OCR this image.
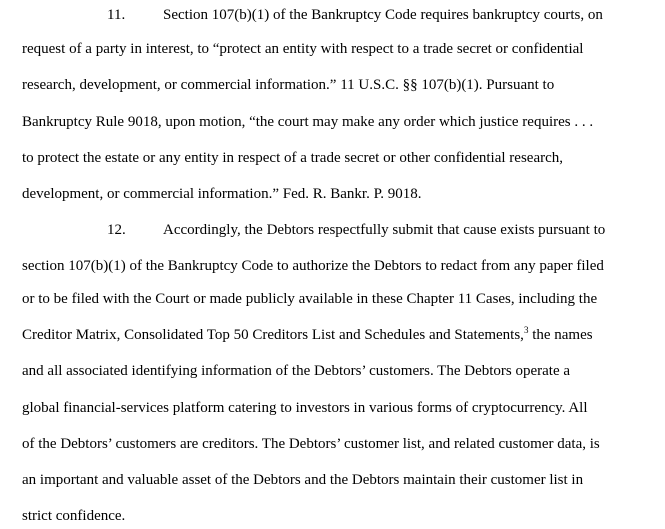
11.	Section 107(b)(1) of the Bankruptcy Code requires bankruptcy courts, on
request of a party in interest, to “protect an entity with respect to a trade secret or confidential
research, development, or commercial information.” 11 U.S.C. §§ 107(b)(1). Pursuant to
Bankruptcy Rule 9018, upon motion, “the court may make any order which justice requires . . .
to protect the estate or any entity in respect of a trade secret or other confidential research,
development, or commercial information.” Fed. R. Bankr. P. 9018.
12. Accordingly, the Debtors respectfully submit that cause exists pursuant to
section 107(b)(1) of the Bankruptcy Code to authorize the Debtors to redact from any paper filed
or to be filed with the Court or made publicly available in these Chapter 11 Cases, including the
Creditor Matrix, Consolidated Top 50 Creditors List and Schedules and Statements,$^3$ the names
and all associated identifying information of the Debtors’ customers. The Debtors operate a
global financial-services platform catering to investors in various forms of cryptocurrency. All
of the Debtors’ customers are creditors. The Debtors’ customer list, and related customer data, is
an important and valuable asset of the Debtors and the Debtors maintain their customer list in
strict confidence.
